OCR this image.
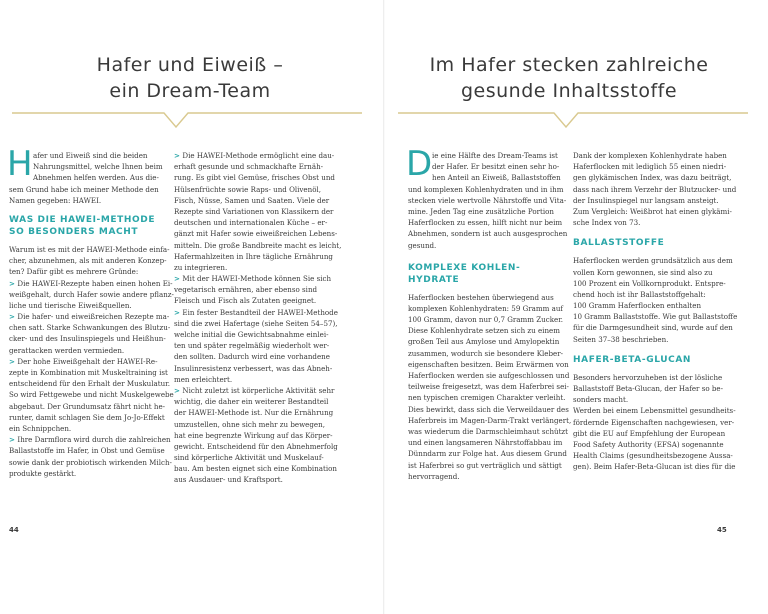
Hafer und Eiweiß –
ein Dream-Team
H afer und Eiweiß sind die beiden
Nahrungsmittel, welche Ihnen beim
Abnehmen helfen werden. Aus die-
sem Grund habe ich meiner Methode den
Namen gegeben: HAWEI.

WAS DIE HAWEI-METHODE
SO BESONDERS MACHT

Warum ist es mit der HAWEI-Methode einfa-
cher, abzunehmen, als mit anderen Konzep-
ten? Dafür gibt es mehrere Gründe:

> Die HAWEI-Rezepte haben einen hohen Ei-
weißgehalt, durch Hafer sowie andere pflanz-
liche und tierische Eiweißquellen.

> Die hafer- und eiweißreichen Rezepte ma-
chen satt. Starke Schwankungen des Blutzu-
cker- und des Insulinspiegels und Heißhun-
gerattacken werden vermieden.

> Der hohe Eiweißgehalt der HAWEI-Re-
zepte in Kombination mit Muskeltraining ist
entscheidend für den Erhalt der Muskulatur.
So wird Fettgewebe und nicht Muskelgewebe
abgebaut. Der Grundumsatz fährt nicht he-
runter, damit schlagen Sie dem Jo-Jo-Effekt
ein Schnippchen.

> Ihre Darmflora wird durch die zahlreichen
Ballaststoffe im Hafer, in Obst und Gemüse
sowie dank der probiotisch wirkenden Milch-
produkte gestärkt.

> Die HAWEI-Methode ermöglicht eine dau-
erhaft gesunde und schmackhafte Ernäh-
rung. Es gibt viel Gemüse, frisches Obst und
Hülsenfrüchte sowie Raps- und Olivenöl,
Fisch, Nüsse, Samen und Saaten. Viele der
Rezepte sind Variationen von Klassikern der
deutschen und internationalen Küche – er-
gänzt mit Hafer sowie eiweißreichen Lebens-
mitteln. Die große Bandbreite macht es leicht,
Hafermahlzeiten in Ihre tägliche Ernährung
zu integrieren.

> Mit der HAWEI-Methode können Sie sich
vegetarisch ernähren, aber ebenso sind
Fleisch und Fisch als Zutaten geeignet.

> Ein fester Bestandteil der HAWEI-Methode
sind die zwei Hafertage (siehe Seiten 54–57),
welche initial die Gewichtsabnahme einlei-
ten und später regelmäßig wiederholt wer-
den sollten. Dadurch wird eine vorhandene
Insulinresistenz verbessert, was das Abneh-
men erleichtert.

> Nicht zuletzt ist körperliche Aktivität sehr
wichtig, die daher ein weiterer Bestandteil
der HAWEI-Methode ist. Nur die Ernährung
umzustellen, ohne sich mehr zu bewegen,
hat eine begrenzte Wirkung auf das Körper-
gewicht. Entscheidend für den Abnehmerfolg
sind körperliche Aktivität und Muskelauf-
bau. Am besten eignet sich eine Kombination
aus Ausdauer- und Kraftsport.

44
Im Hafer stecken zahlreiche
gesunde Inhaltsstoffe
D ie eine Hälfte des Dream-Teams ist
der Hafer. Er besitzt einen sehr ho-
hen Anteil an Eiweiß, Ballaststoffen
und komplexen Kohlenhydraten und in ihm
stecken viele wertvolle Nährstoffe und Vita-
mine. Jeden Tag eine zusätzliche Portion
Haferflocken zu essen, hilft nicht nur beim
Abnehmen, sondern ist auch ausgesprochen
gesund.

KOMPLEXE KOHLEN-
HYDRATE

Haferflocken bestehen überwiegend aus
komplexen Kohlenhydraten: 59 Gramm auf
100 Gramm, davon nur 0,7 Gramm Zucker.
Diese Kohlenhydrate setzen sich zu einem
großen Teil aus Amylose und Amylopektin
zusammen, wodurch sie besondere Kleber-
eigenschaften besitzen. Beim Erwärmen von
Haferflocken werden sie aufgeschlossen und
teilweise freigesetzt, was dem Haferbrei sei-
nen typischen cremigen Charakter verleiht.
Dies bewirkt, dass sich die Verweildauer des
Haferbreis im Magen-Darm-Trakt verlängert,
was wiederum die Darmschleimhaut schützt
und einen langsameren Nährstoffabbau im
Dünndarm zur Folge hat. Aus diesem Grund
ist Haferbrei so gut verträglich und sättigt
hervorragend.

Dank der komplexen Kohlenhydrate haben
Haferflocken mit lediglich 55 einen niedri-
gen glykämischen Index, was dazu beiträgt,
dass nach ihrem Verzehr der Blutzucker- und
der Insulinspiegel nur langsam ansteigt.
Zum Vergleich: Weißbrot hat einen glykämi-
sche Index von 73.

BALLASTSTOFFE

Haferflocken werden grundsätzlich aus dem
vollen Korn gewonnen, sie sind also zu
100 Prozent ein Vollkornprodukt. Entspre-
chend hoch ist ihr Ballaststoffgehalt:
100 Gramm Haferflocken enthalten
10 Gramm Ballaststoffe. Wie gut Ballaststoffe
für die Darmgesundheit sind, wurde auf den
Seiten 37–38 beschrieben.

HAFER-BETA-GLUCAN

Besonders hervorzuheben ist der lösliche
Ballaststoff Beta-Glucan, der Hafer so be-
sonders macht.
Werden bei einem Lebensmittel gesundheits-
fördernde Eigenschaften nachgewiesen, ver-
gibt die EU auf Empfehlung der European
Food Safety Authority (EFSA) sogenannte
Health Claims (gesundheitsbezogene Aussa-
gen). Beim Hafer-Beta-Glucan ist dies für die

45
